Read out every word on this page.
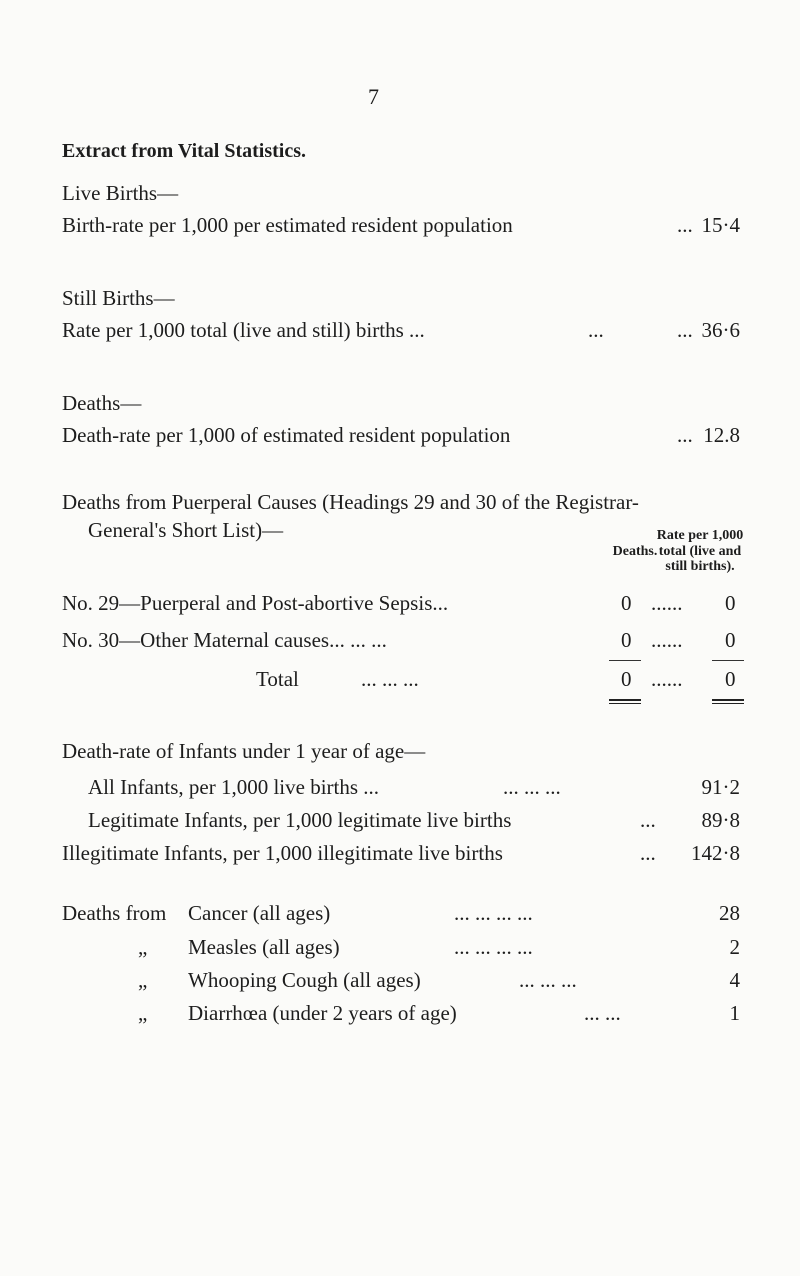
7
Extract from Vital Statistics.
Live Births—
Birth-rate per 1,000 per estimated resident population	... 15·4
Still Births—
Rate per 1,000 total (live and still) births ...	...	... 36·6
Deaths—
Death-rate per 1,000 of estimated resident population	... 12.8
Deaths from Puerperal Causes (Headings 29 and 30 of the Registrar-
General's Short List)—
Deaths.
Rate per 1,000
total (live and
still births).
No. 29—Puerperal and Post-abortive Sepsis...	0 ...... 0
No. 30—Other Maternal causes... ... ...	0 ...... 0
Total	... ... ...	0 ...... 0
Death-rate of Infants under 1 year of age—
All Infants, per 1,000 live births ...	... ... ...	91·2
Legitimate Infants, per 1,000 legitimate live births	...	89·8
Illegitimate Infants, per 1,000 illegitimate live births	...	142·8
Deaths from Cancer (all ages)	... ... ... ...	28
„ Measles (all ages)	... ... ... ...	2
„ Whooping Cough (all ages)	... ... ...	4
„ Diarrhœa (under 2 years of age)	... ...	1
